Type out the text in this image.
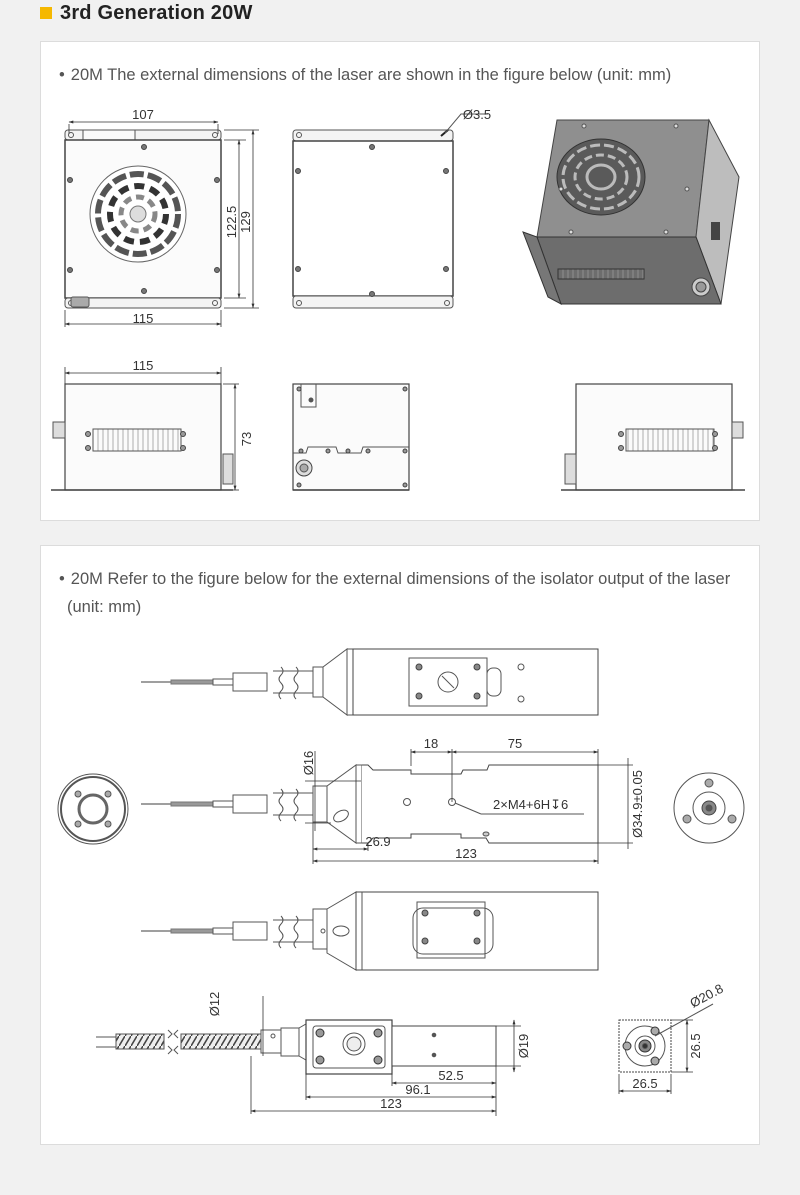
3rd Generation 20W
• 20M The external dimensions of the laser are shown in the figure below (unit: mm)
107
115
122.5 129
Ø3.5
115
73
• 20M Refer to the figure below for the external dimensions of the isolator output of the laser (unit: mm)
Ø16
18	75
2×M4+6H↧6	Ø34.9±0.05
26.9
123
Ø12
Ø19
52.5
96.1
123
Ø20.8
26.5
26.5
